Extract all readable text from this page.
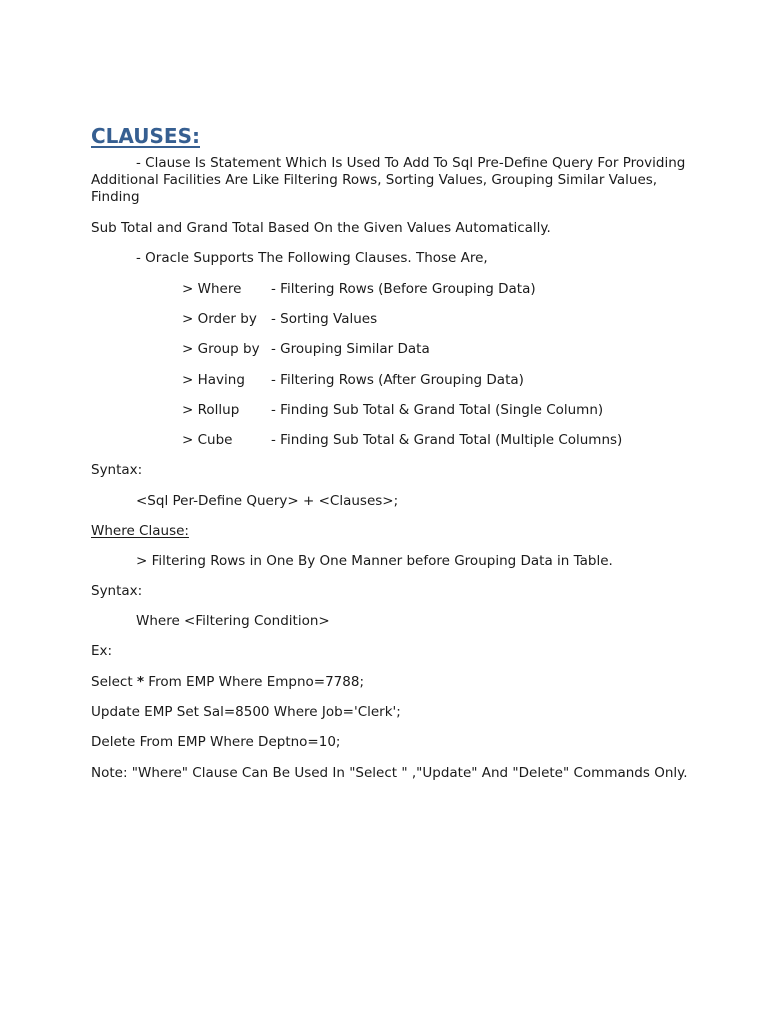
CLAUSES:
- Clause Is Statement Which Is Used To Add To Sql Pre-Define Query For Providing Additional Facilities Are Like Filtering Rows, Sorting Values, Grouping Similar Values, Finding
Sub Total and Grand Total Based On the Given Values Automatically.
- Oracle Supports The Following Clauses. Those Are,
> Where - Filtering Rows (Before Grouping Data)
> Order by - Sorting Values
> Group by - Grouping Similar Data
> Having - Filtering Rows (After Grouping Data)
> Rollup - Finding Sub Total & Grand Total (Single Column)
> Cube	- Finding Sub Total & Grand Total (Multiple Columns)
Syntax:
<Sql Per-Define Query> + <Clauses>;
Where Clause:
> Filtering Rows in One By One Manner before Grouping Data in Table.
Syntax:
Where <Filtering Condition>
Ex:
Select * From EMP Where Empno=7788;
Update EMP Set Sal=8500 Where Job='Clerk';
Delete From EMP Where Deptno=10;
Note: "Where" Clause Can Be Used In "Select " ,"Update" And "Delete" Commands Only.
